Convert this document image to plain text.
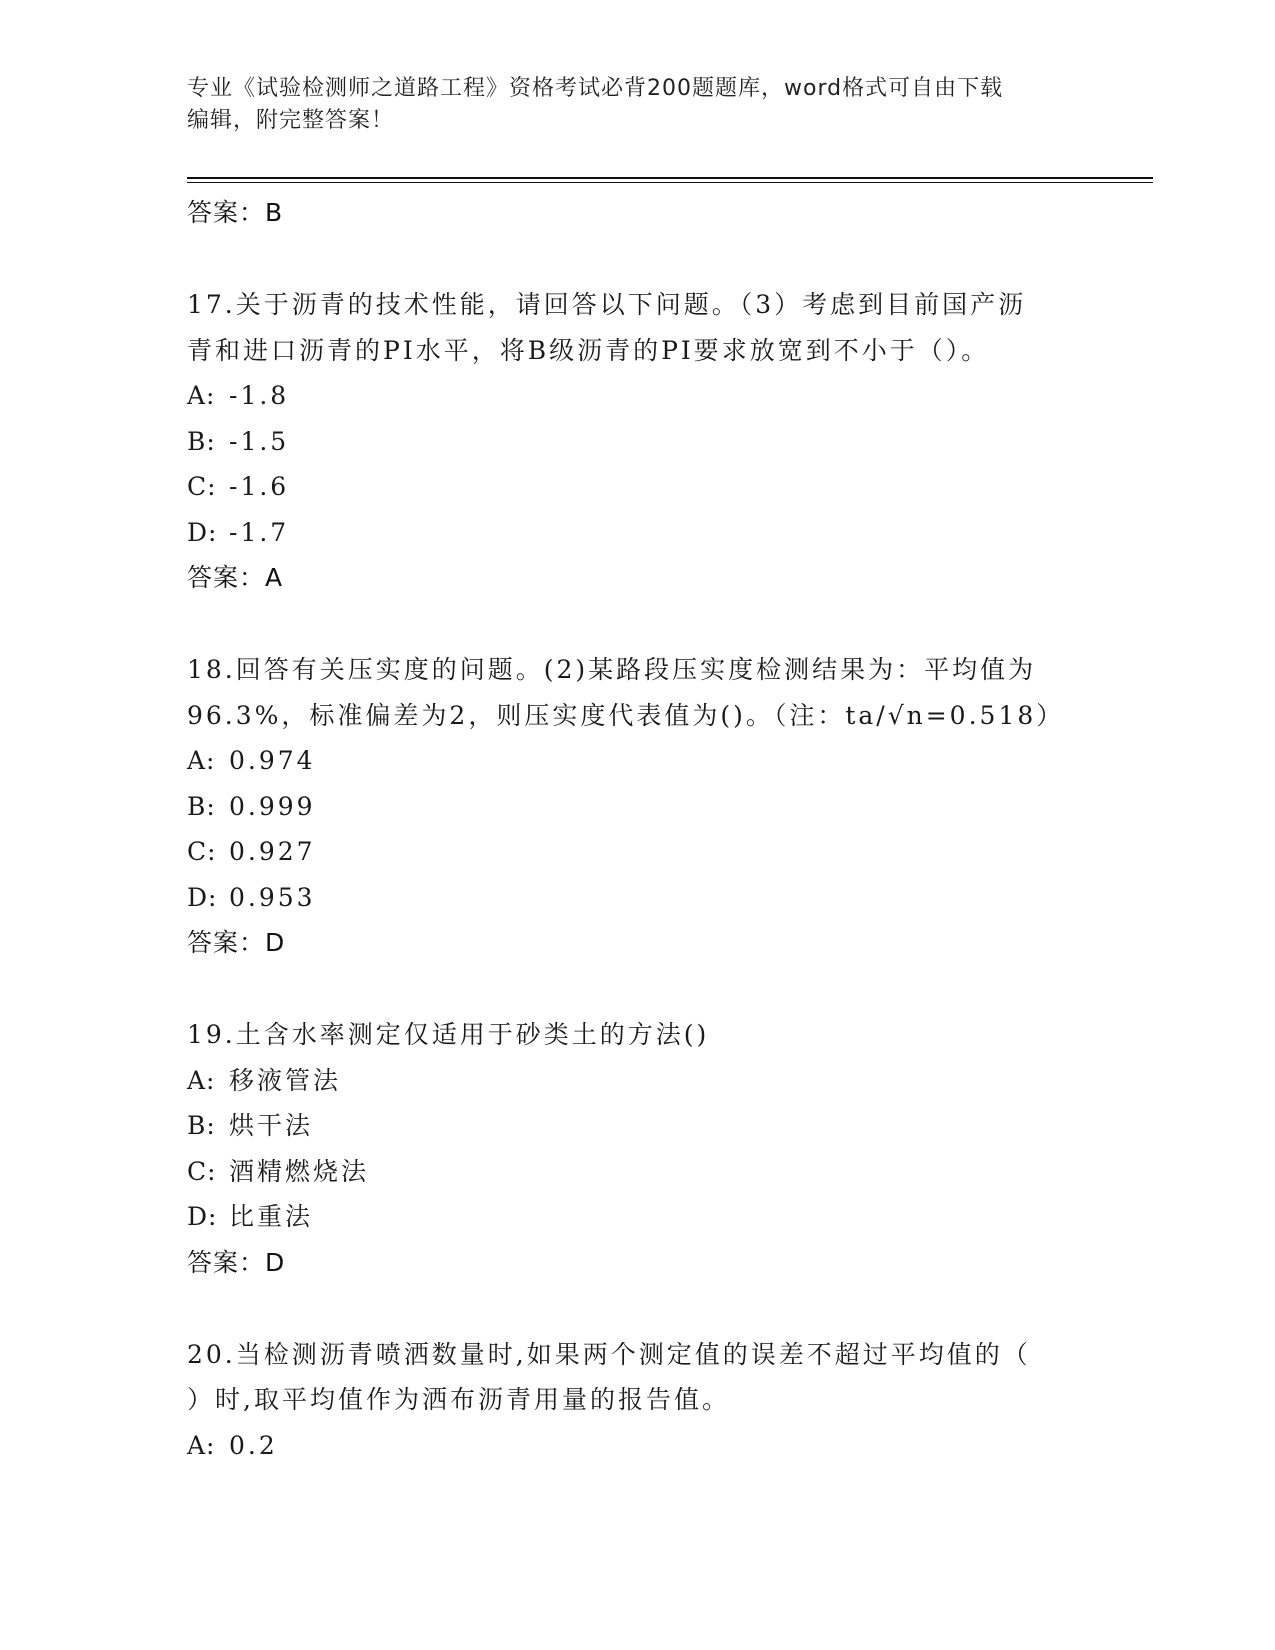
专业《试验检测师之道路工程》资格考试必背200题题库，word格式可自由下载
编辑，附完整答案！
答案：B
17.关于沥青的技术性能，请回答以下问题。（3）考虑到目前国产沥
青和进口沥青的PI水平，将B级沥青的PI要求放宽到不小于（）。
A: -1.8
B: -1.5
C: -1.6
D: -1.7
答案：A
18.回答有关压实度的问题。(2)某路段压实度检测结果为：平均值为
96.3%，标准偏差为2，则压实度代表值为()。（注：ta/√n=0.518）
A: 0.974
B: 0.999
C: 0.927
D: 0.953
答案：D
19.土含水率测定仅适用于砂类土的方法()
A: 移液管法
B: 烘干法
C: 酒精燃烧法
D: 比重法
答案：D
20.当检测沥青喷洒数量时,如果两个测定值的误差不超过平均值的（
）时,取平均值作为洒布沥青用量的报告值。
A: 0.2
